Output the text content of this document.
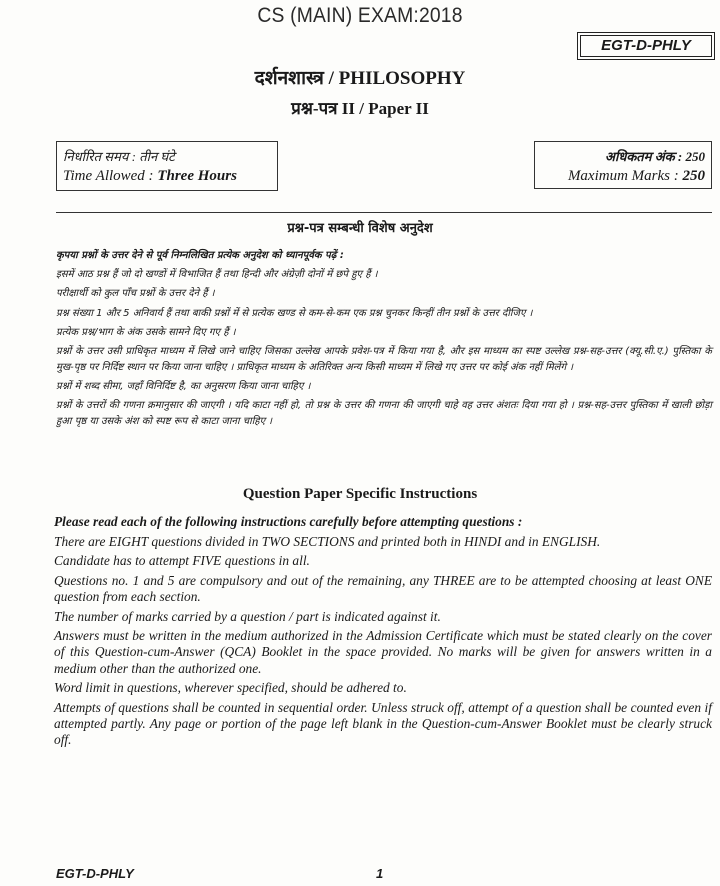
CS (MAIN) EXAM:2018
EGT-D-PHLY
दर्शनशास्त्र / PHILOSOPHY
प्रश्न-पत्र II / Paper II
निर्धारित समय : तीन घंटे
Time Allowed : Three Hours
अधिकतम अंक : 250
Maximum Marks : 250
प्रश्न-पत्र सम्बन्धी विशेष अनुदेश

कृपया प्रश्नों के उत्तर देने से पूर्व निम्नलिखित प्रत्येक अनुदेश को ध्यानपूर्वक पढ़ें :

इसमें आठ प्रश्न हैं जो दो खण्डों में विभाजित हैं तथा हिन्दी और अंग्रेज़ी दोनों में छपे हुए हैं ।

परीक्षार्थी को कुल पाँच प्रश्नों के उत्तर देने हैं ।

प्रश्न संख्या 1 और 5 अनिवार्य हैं तथा बाकी प्रश्नों में से प्रत्येक खण्ड से कम-से-कम एक प्रश्न चुनकर किन्हीं तीन प्रश्नों के उत्तर दीजिए ।

प्रत्येक प्रश्न/भाग के अंक उसके सामने दिए गए हैं ।

प्रश्नों के उत्तर उसी प्राधिकृत माध्यम में लिखे जाने चाहिए जिसका उल्लेख आपके प्रवेश-पत्र में किया गया है, और इस माध्यम का स्पष्ट उल्लेख प्रश्न-सह-उत्तर (क्यू.सी.ए.) पुस्तिका के मुख-पृष्ठ पर निर्दिष्ट स्थान पर किया जाना चाहिए । प्राधिकृत माध्यम के अतिरिक्त अन्य किसी माध्यम में लिखे गए उत्तर पर कोई अंक नहीं मिलेंगे ।

प्रश्नों में शब्द सीमा, जहाँ विनिर्दिष्ट है, का अनुसरण किया जाना चाहिए ।

प्रश्नों के उत्तरों की गणना क्रमानुसार की जाएगी । यदि काटा नहीं हो, तो प्रश्न के उत्तर की गणना की जाएगी चाहे वह उत्तर अंशतः दिया गया हो । प्रश्न-सह-उत्तर पुस्तिका में खाली छोड़ा हुआ पृष्ठ या उसके अंश को स्पष्ट रूप से काटा जाना चाहिए ।

Question Paper Specific Instructions

Please read each of the following instructions carefully before attempting questions :

There are EIGHT questions divided in TWO SECTIONS and printed both in HINDI and in ENGLISH.

Candidate has to attempt FIVE questions in all.

Questions no. 1 and 5 are compulsory and out of the remaining, any THREE are to be attempted choosing at least ONE question from each section.

The number of marks carried by a question / part is indicated against it.

Answers must be written in the medium authorized in the Admission Certificate which must be stated clearly on the cover of this Question-cum-Answer (QCA) Booklet in the space provided. No marks will be given for answers written in a medium other than the authorized one.

Word limit in questions, wherever specified, should be adhered to.

Attempts of questions shall be counted in sequential order. Unless struck off, attempt of a question shall be counted even if attempted partly. Any page or portion of the page left blank in the Question-cum-Answer Booklet must be clearly struck off.

EGT-D-PHLY	1
